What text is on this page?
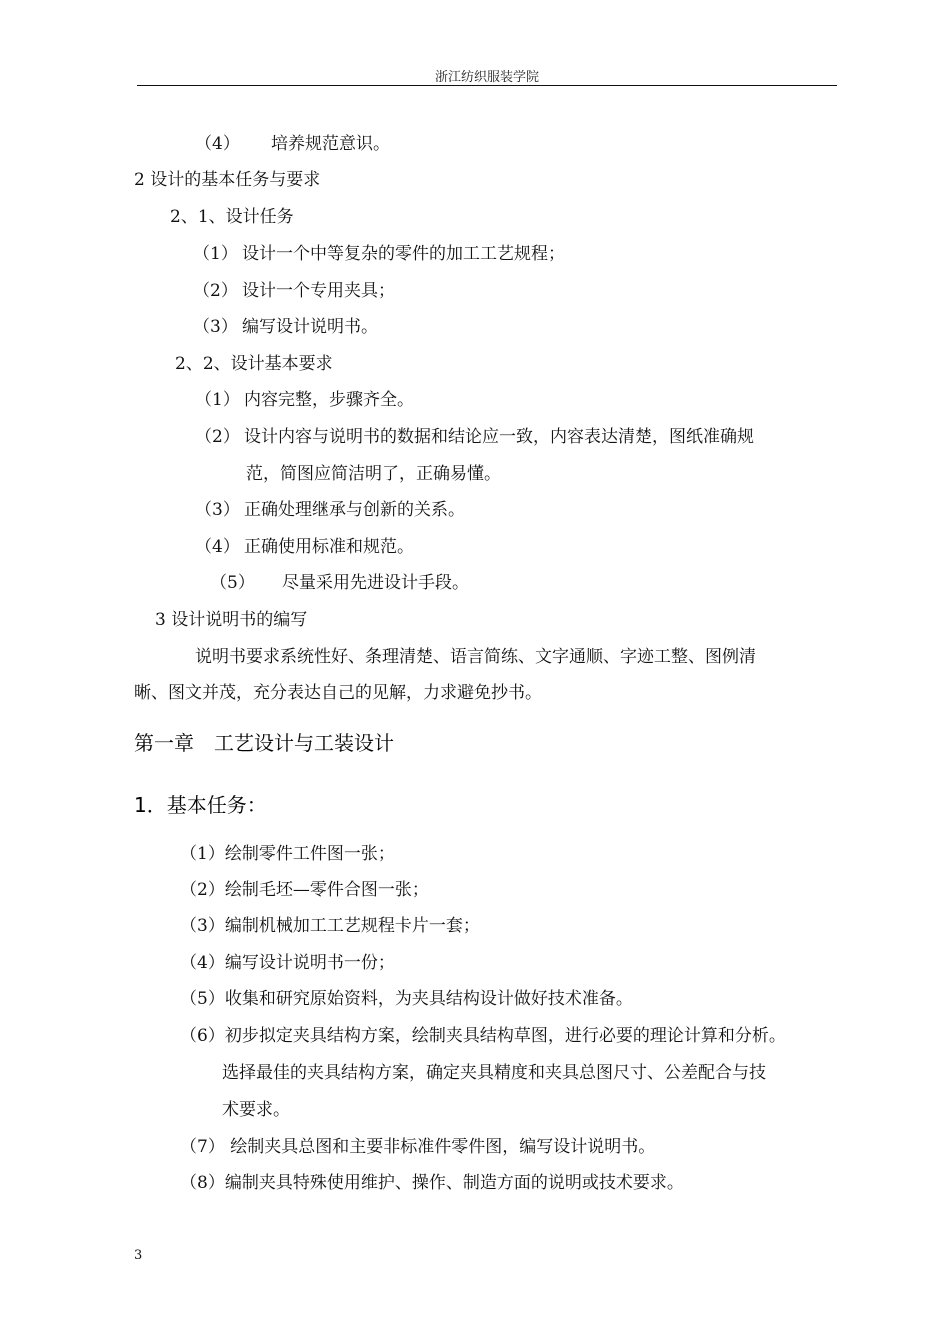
浙江纺织服装学院
（4） 培养规范意识。
2 设计的基本任务与要求
2、1、设计任务
（1） 设计一个中等复杂的零件的加工工艺规程；
（2） 设计一个专用夹具；
（3） 编写设计说明书。
2、2、设计基本要求
（1） 内容完整，步骤齐全。
（2） 设计内容与说明书的数据和结论应一致，内容表达清楚，图纸准确规
范，简图应简洁明了，正确易懂。
（3） 正确处理继承与创新的关系。
（4） 正确使用标准和规范。
（5） 尽量采用先进设计手段。
3 设计说明书的编写
说明书要求系统性好、条理清楚、语言简练、文字通顺、字迹工整、图例清
晰、图文并茂，充分表达自己的见解，力求避免抄书。
第一章　工艺设计与工装设计
1．基本任务：
（1）绘制零件工件图一张；
（2）绘制毛坯—零件合图一张；
（3）编制机械加工工艺规程卡片一套；
（4）编写设计说明书一份；
（5）收集和研究原始资料，为夹具结构设计做好技术准备。
（6）初步拟定夹具结构方案，绘制夹具结构草图，进行必要的理论计算和分析。
选择最佳的夹具结构方案，确定夹具精度和夹具总图尺寸、公差配合与技
术要求。
（7） 绘制夹具总图和主要非标准件零件图，编写设计说明书。
（8）编制夹具特殊使用维护、操作、制造方面的说明或技术要求。
3
